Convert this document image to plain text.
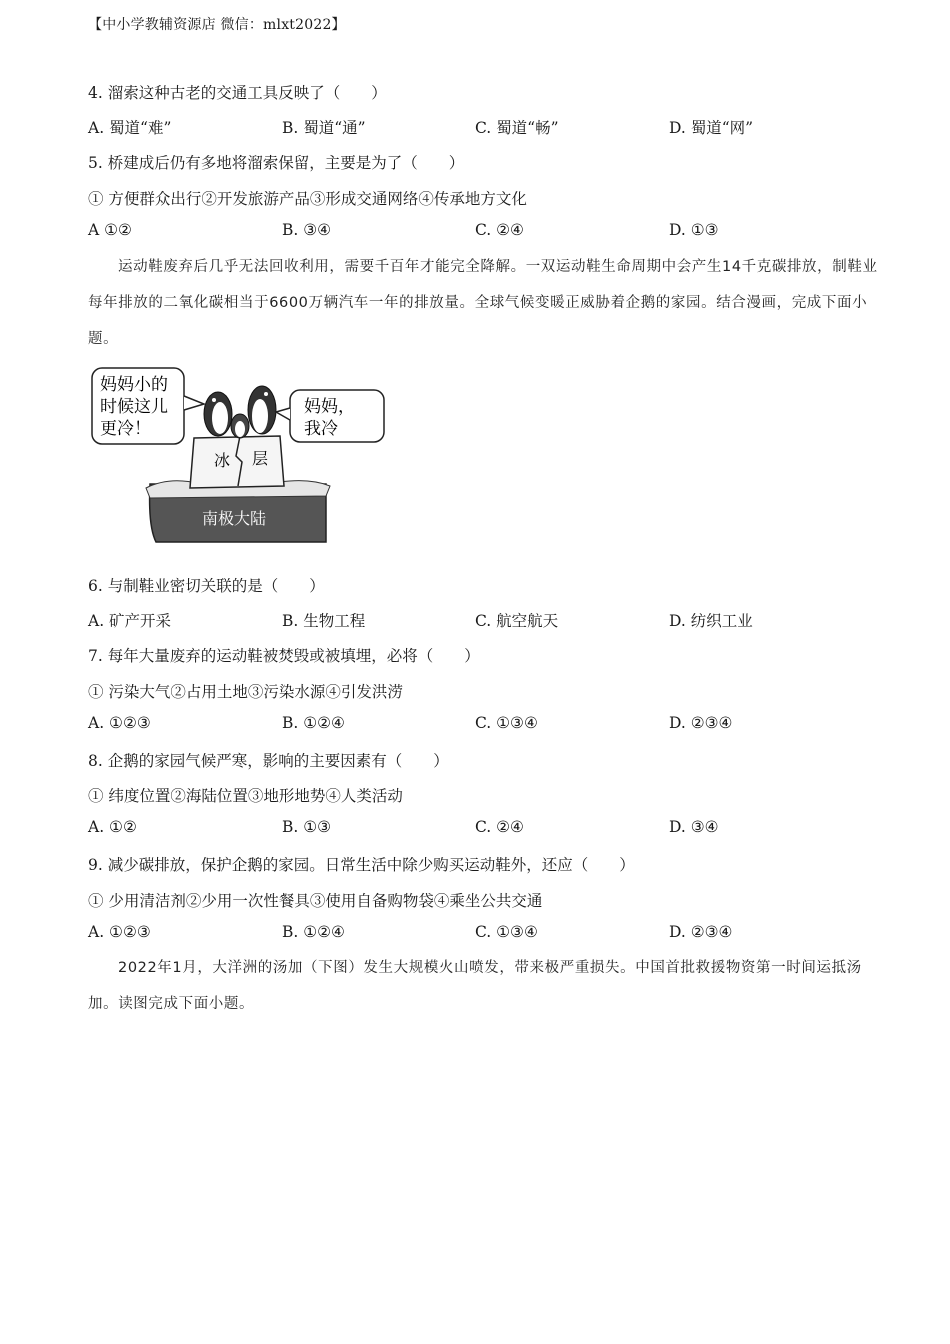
【中小学教辅资源店 微信：mlxt2022】
4. 溜索这种古老的交通工具反映了（　　）
A. 蜀道“难”	B. 蜀道“通”	C. 蜀道“畅”	D. 蜀道“网”
5. 桥建成后仍有多地将溜索保留，主要是为了（　　）
① 方便群众出行②开发旅游产品③形成交通网络④传承地方文化
A ①②	B. ③④	C. ②④	D. ①③
运动鞋废弃后几乎无法回收利用，需要千百年才能完全降解。一双运动鞋生命周期中会产生14千克碳排放，制鞋业每年排放的二氧化碳相当于6600万辆汽车一年的排放量。全球气候变暖正威胁着企鹅的家园。结合漫画，完成下面小题。
妈妈小的
时候这儿
更冷！
妈妈，
我冷
冰 层
南极大陆
6. 与制鞋业密切关联的是（　　）
A. 矿产开采	B. 生物工程	C. 航空航天	D. 纺织工业
7. 每年大量废弃的运动鞋被焚毁或被填埋，必将（　　）
① 污染大气②占用土地③污染水源④引发洪涝
A. ①②③	B. ①②④	C. ①③④	D. ②③④
8. 企鹅的家园气候严寒，影响的主要因素有（　　）
① 纬度位置②海陆位置③地形地势④人类活动
A. ①②	B. ①③	C. ②④	D. ③④
9. 减少碳排放，保护企鹅的家园。日常生活中除少购买运动鞋外，还应（　　）
① 少用清洁剂②少用一次性餐具③使用自备购物袋④乘坐公共交通
A. ①②③	B. ①②④	C. ①③④	D. ②③④
2022年1月，大洋洲的汤加（下图）发生大规模火山喷发，带来极严重损失。中国首批救援物资第一时间运抵汤加。读图完成下面小题。
